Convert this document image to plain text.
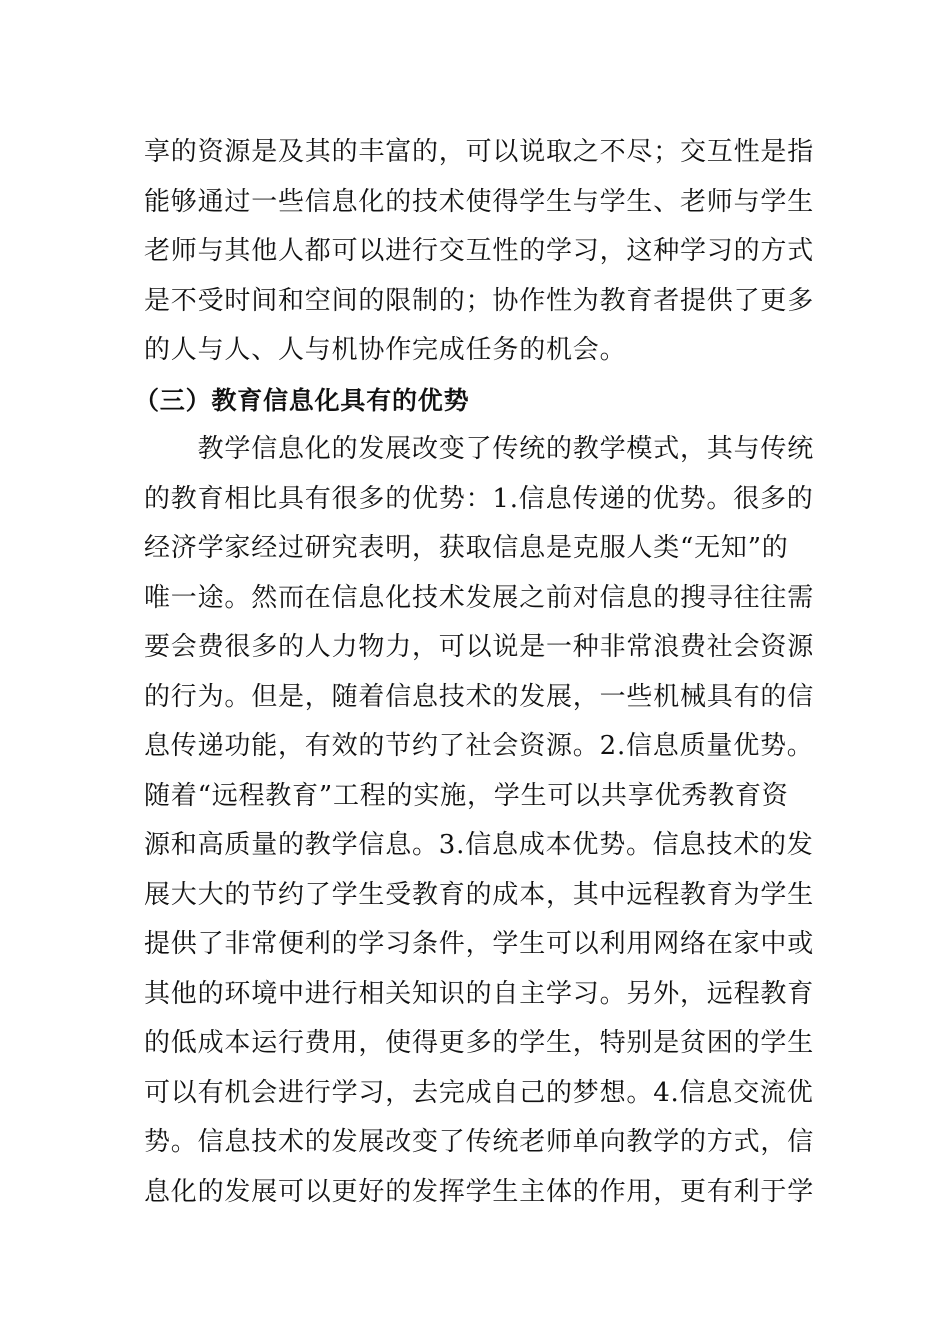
享的资源是及其的丰富的，可以说取之不尽；交互性是指
能够通过一些信息化的技术使得学生与学生、老师与学生
老师与其他人都可以进行交互性的学习，这种学习的方式
是不受时间和空间的限制的；协作性为教育者提供了更多
的人与人、人与机协作完成任务的机会。
（三）教育信息化具有的优势
　　教学信息化的发展改变了传统的教学模式，其与传统
的教育相比具有很多的优势：1.信息传递的优势。很多的
经济学家经过研究表明，获取信息是克服人类“无知”的
唯一途。然而在信息化技术发展之前对信息的搜寻往往需
要会费很多的人力物力，可以说是一种非常浪费社会资源
的行为。但是，随着信息技术的发展，一些机械具有的信
息传递功能，有效的节约了社会资源。2.信息质量优势。
随着“远程教育”工程的实施，学生可以共享优秀教育资
源和高质量的教学信息。3.信息成本优势。信息技术的发
展大大的节约了学生受教育的成本，其中远程教育为学生
提供了非常便利的学习条件，学生可以利用网络在家中或
其他的环境中进行相关知识的自主学习。另外，远程教育
的低成本运行费用，使得更多的学生，特别是贫困的学生
可以有机会进行学习，去完成自己的梦想。4.信息交流优
势。信息技术的发展改变了传统老师单向教学的方式，信
息化的发展可以更好的发挥学生主体的作用，更有利于学
